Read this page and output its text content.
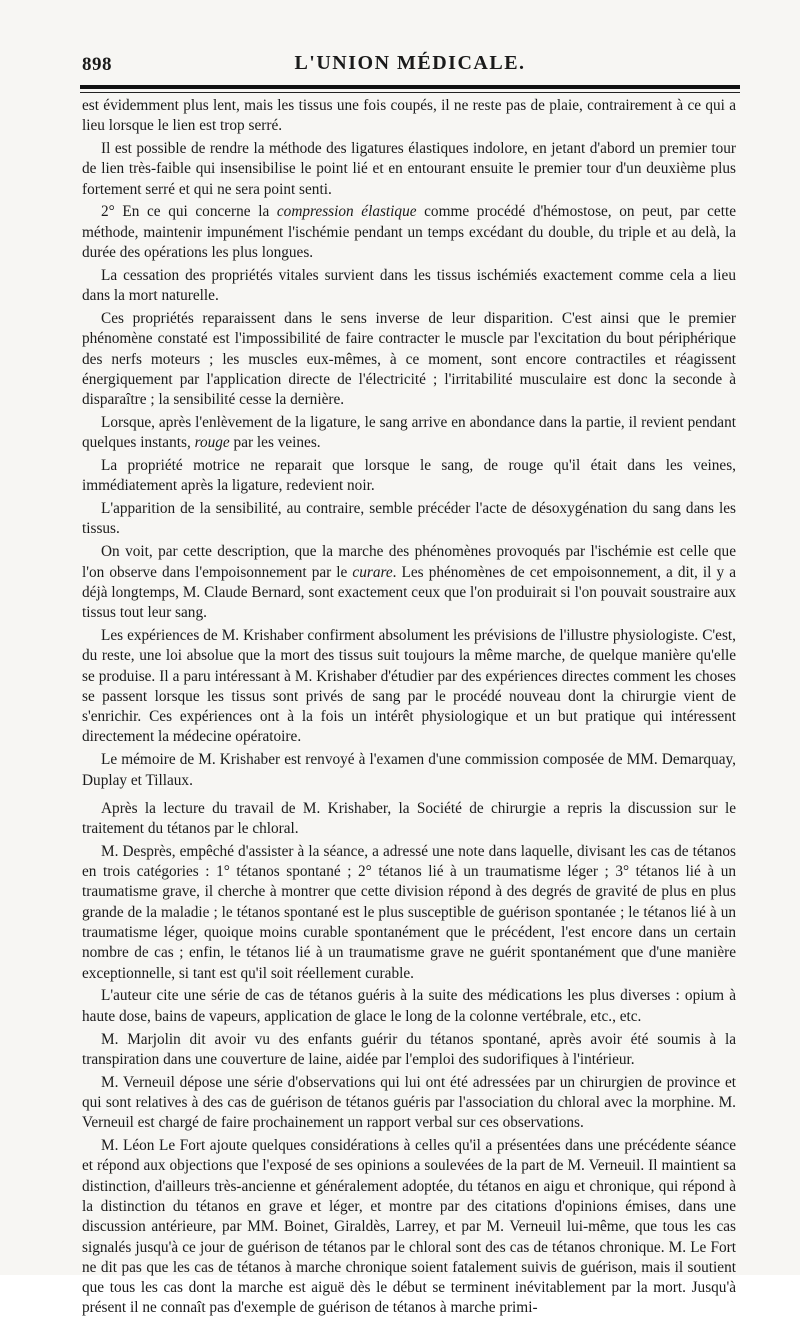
898	L'UNION MÉDICALE.

est évidemment plus lent, mais les tissus une fois coupés, il ne reste pas de plaie, contrairement à ce qui a lieu lorsque le lien est trop serré.

Il est possible de rendre la méthode des ligatures élastiques indolore, en jetant d'abord un premier tour de lien très-faible qui insensibilise le point lié et en entourant ensuite le premier tour d'un deuxième plus fortement serré et qui ne sera point senti.

2° En ce qui concerne la compression élastique comme procédé d'hémostose, on peut, par cette méthode, maintenir impunément l'ischémie pendant un temps excédant du double, du triple et au delà, la durée des opérations les plus longues.

La cessation des propriétés vitales survient dans les tissus ischémiés exactement comme cela a lieu dans la mort naturelle.

Ces propriétés reparaissent dans le sens inverse de leur disparition. C'est ainsi que le premier phénomène constaté est l'impossibilité de faire contracter le muscle par l'excitation du bout périphérique des nerfs moteurs ; les muscles eux-mêmes, à ce moment, sont encore contractiles et réagissent énergiquement par l'application directe de l'électricité ; l'irritabilité musculaire est donc la seconde à disparaître ; la sensibilité cesse la dernière.

Lorsque, après l'enlèvement de la ligature, le sang arrive en abondance dans la partie, il revient pendant quelques instants, rouge par les veines.

La propriété motrice ne reparait que lorsque le sang, de rouge qu'il était dans les veines, immédiatement après la ligature, redevient noir.

L'apparition de la sensibilité, au contraire, semble précéder l'acte de désoxygénation du sang dans les tissus.

On voit, par cette description, que la marche des phénomènes provoqués par l'ischémie est celle que l'on observe dans l'empoisonnement par le curare. Les phénomènes de cet empoisonnement, a dit, il y a déjà longtemps, M. Claude Bernard, sont exactement ceux que l'on produirait si l'on pouvait soustraire aux tissus tout leur sang.

Les expériences de M. Krishaber confirment absolument les prévisions de l'illustre physiologiste. C'est, du reste, une loi absolue que la mort des tissus suit toujours la même marche, de quelque manière qu'elle se produise. Il a paru intéressant à M. Krishaber d'étudier par des expériences directes comment les choses se passent lorsque les tissus sont privés de sang par le procédé nouveau dont la chirurgie vient de s'enrichir. Ces expériences ont à la fois un intérêt physiologique et un but pratique qui intéressent directement la médecine opératoire.

Le mémoire de M. Krishaber est renvoyé à l'examen d'une commission composée de MM. Demarquay, Duplay et Tillaux.

Après la lecture du travail de M. Krishaber, la Société de chirurgie a repris la discussion sur le traitement du tétanos par le chloral.

M. Desprès, empêché d'assister à la séance, a adressé une note dans laquelle, divisant les cas de tétanos en trois catégories : 1° tétanos spontané ; 2° tétanos lié à un traumatisme léger ; 3° tétanos lié à un traumatisme grave, il cherche à montrer que cette division répond à des degrés de gravité de plus en plus grande de la maladie ; le tétanos spontané est le plus susceptible de guérison spontanée ; le tétanos lié à un traumatisme léger, quoique moins curable spontanément que le précédent, l'est encore dans un certain nombre de cas ; enfin, le tétanos lié à un traumatisme grave ne guérit spontanément que d'une manière exceptionnelle, si tant est qu'il soit réellement curable.

L'auteur cite une série de cas de tétanos guéris à la suite des médications les plus diverses : opium à haute dose, bains de vapeurs, application de glace le long de la colonne vertébrale, etc., etc.

M. Marjolin dit avoir vu des enfants guérir du tétanos spontané, après avoir été soumis à la transpiration dans une couverture de laine, aidée par l'emploi des sudorifiques à l'intérieur.

M. Verneuil dépose une série d'observations qui lui ont été adressées par un chirurgien de province et qui sont relatives à des cas de guérison de tétanos guéris par l'association du chloral avec la morphine. M. Verneuil est chargé de faire prochainement un rapport verbal sur ces observations.

M. Léon Le Fort ajoute quelques considérations à celles qu'il a présentées dans une précédente séance et répond aux objections que l'exposé de ses opinions a soulevées de la part de M. Verneuil. Il maintient sa distinction, d'ailleurs très-ancienne et généralement adoptée, du tétanos en aigu et chronique, qui répond à la distinction du tétanos en grave et léger, et montre par des citations d'opinions émises, dans une discussion antérieure, par MM. Boinet, Giraldès, Larrey, et par M. Verneuil lui-même, que tous les cas signalés jusqu'à ce jour de guérison de tétanos par le chloral sont des cas de tétanos chronique. M. Le Fort ne dit pas que les cas de tétanos à marche chronique soient fatalement suivis de guérison, mais il soutient que tous les cas dont la marche est aiguë dès le début se terminent inévitablement par la mort. Jusqu'à présent il ne connaît pas d'exemple de guérison de tétanos à marche primi-
